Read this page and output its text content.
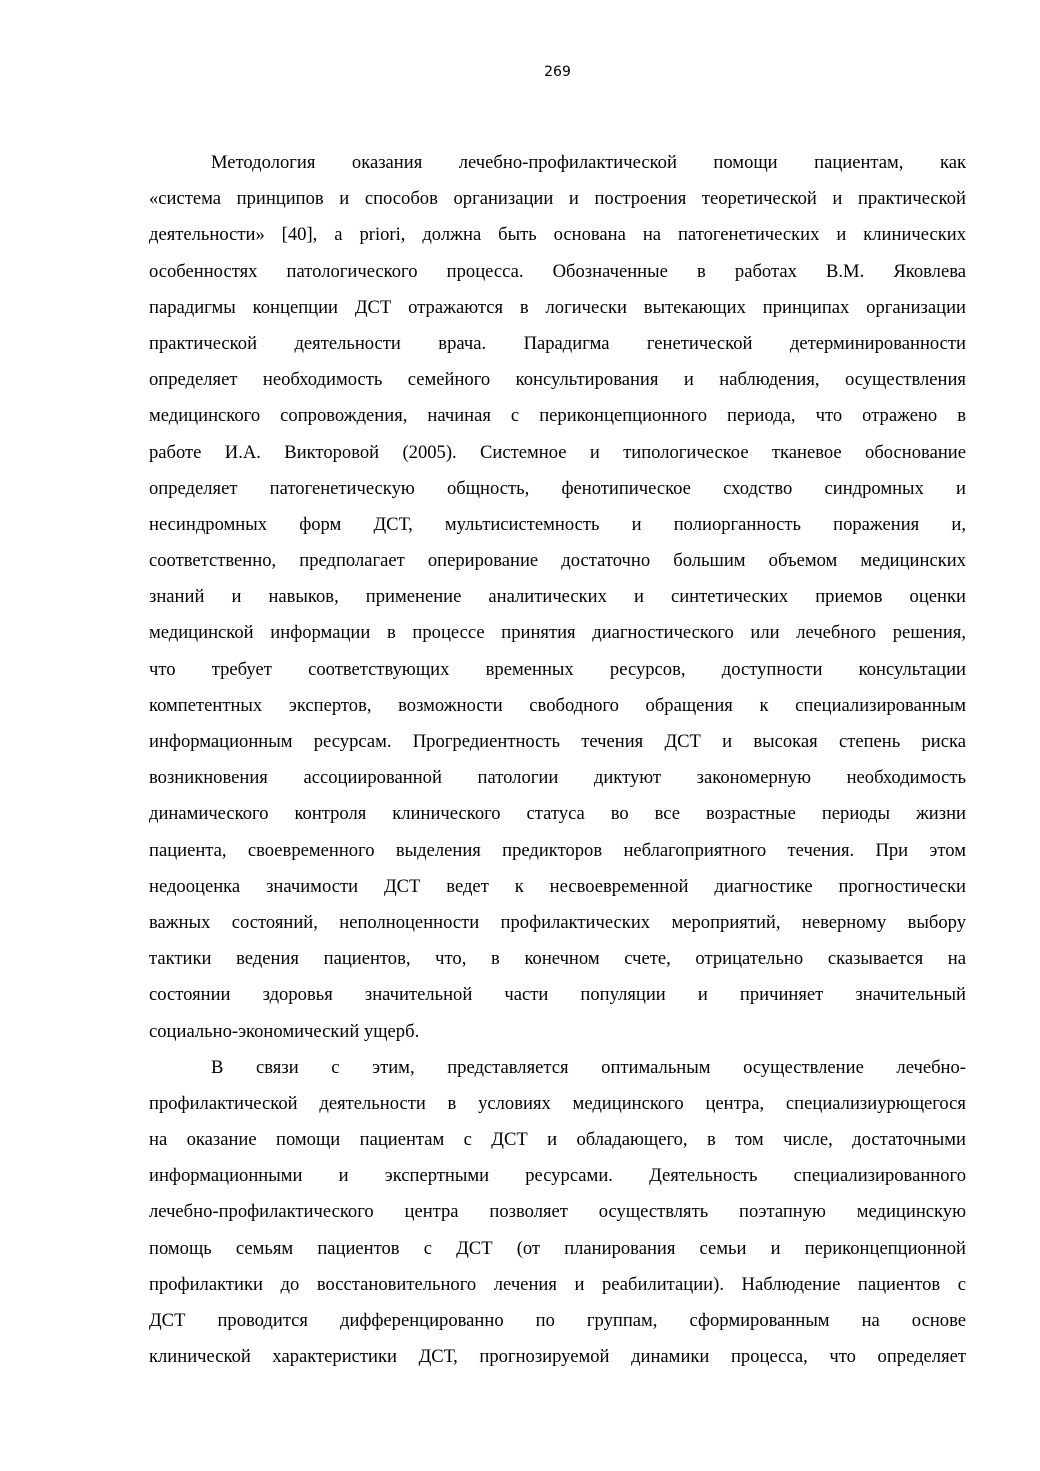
269
Методология оказания лечебно-профилактической помощи пациентам, как
«система принципов и способов организации и построения теоретической и практической
деятельности» [40], а priori, должна быть основана на патогенетических и клинических
особенностях патологического процесса. Обозначенные в работах В.М. Яковлева
парадигмы концепции ДСТ отражаются в логически вытекающих принципах организации
практической деятельности врача. Парадигма генетической детерминированности
определяет необходимость семейного консультирования и наблюдения, осуществления
медицинского сопровождения, начиная с периконцепционного периода, что отражено в
работе И.А. Викторовой (2005). Системное и типологическое тканевое обоснование
определяет патогенетическую общность, фенотипическое сходство синдромных и
несиндромных форм ДСТ, мультисистемность и полиорганность поражения и,
соответственно, предполагает оперирование достаточно большим объемом медицинских
знаний и навыков, применение аналитических и синтетических приемов оценки
медицинской информации в процессе принятия диагностического или лечебного решения,
что требует соответствующих временных ресурсов, доступности консультации
компетентных экспертов, возможности свободного обращения к специализированным
информационным ресурсам. Прогредиентность течения ДСТ и высокая степень риска
возникновения ассоциированной патологии диктуют закономерную необходимость
динамического контроля клинического статуса во все возрастные периоды жизни
пациента, своевременного выделения предикторов неблагоприятного течения. При этом
недооценка значимости ДСТ ведет к несвоевременной диагностике прогностически
важных состояний, неполноценности профилактических мероприятий, неверному выбору
тактики ведения пациентов, что, в конечном счете, отрицательно сказывается на
состоянии здоровья значительной части популяции и причиняет значительный
социально-экономический ущерб.
В связи с этим, представляется оптимальным осуществление лечебно-
профилактической деятельности в условиях медицинского центра, специализиурющегося
на оказание помощи пациентам с ДСТ и обладающего, в том числе, достаточными
информационными и экспертными ресурсами. Деятельность специализированного
лечебно-профилактического центра позволяет осуществлять поэтапную медицинскую
помощь семьям пациентов с ДСТ (от планирования семьи и периконцепционной
профилактики до восстановительного лечения и реабилитации). Наблюдение пациентов с
ДСТ проводится дифференцированно по группам, сформированным на основе
клинической характеристики ДСТ, прогнозируемой динамики процесса, что определяет
